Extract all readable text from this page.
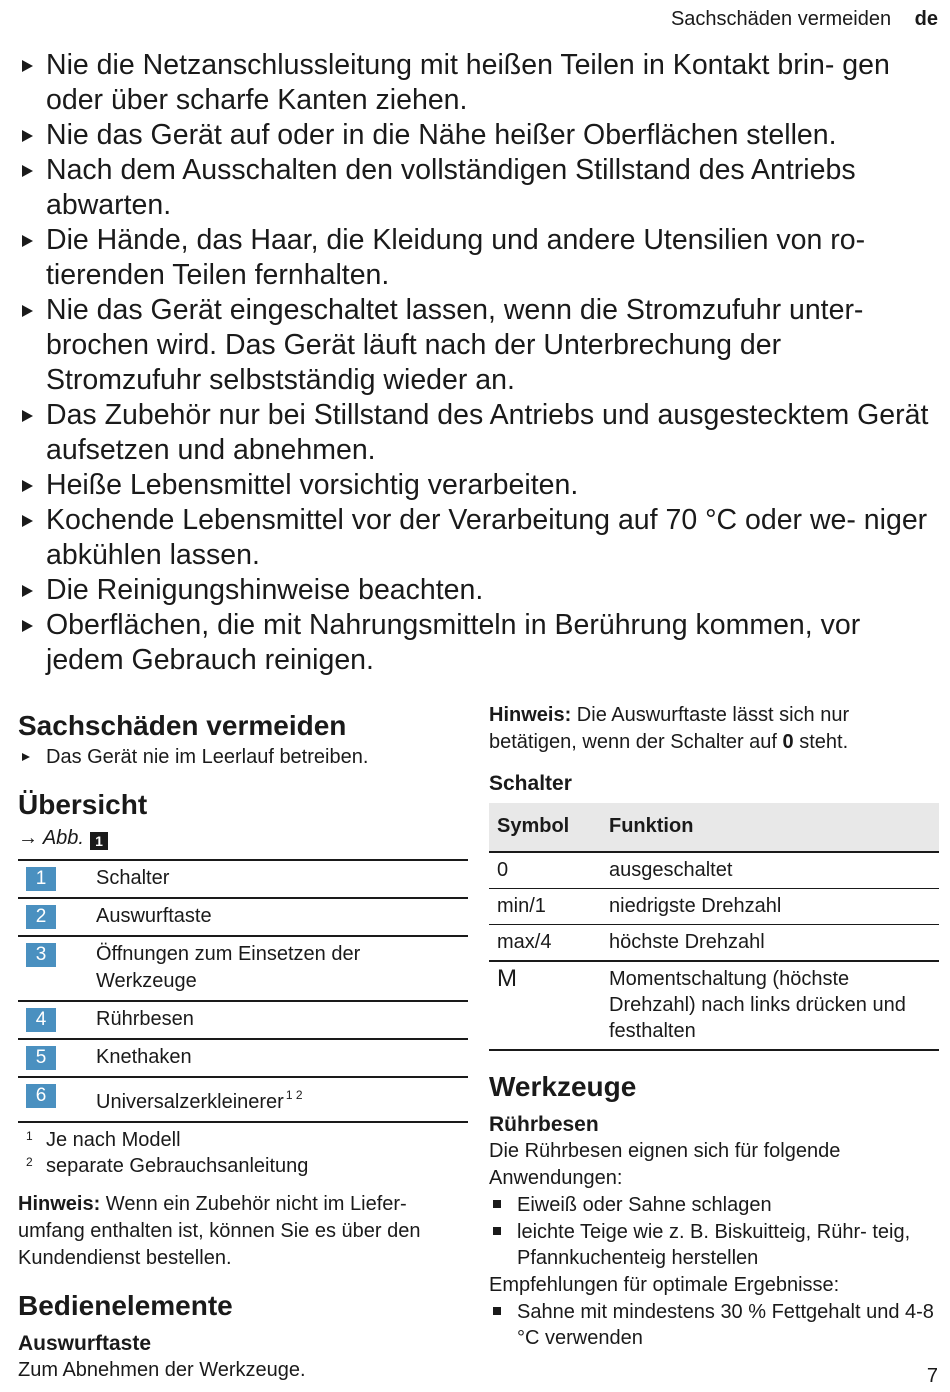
Sachschäden vermeiden de
Nie die Netzanschlussleitung mit heißen Teilen in Kontakt brin- gen oder über scharfe Kanten ziehen.
Nie das Gerät auf oder in die Nähe heißer Oberflächen stellen.
Nach dem Ausschalten den vollständigen Stillstand des Antriebs abwarten.
Die Hände, das Haar, die Kleidung und andere Utensilien von ro- tierenden Teilen fernhalten.
Nie das Gerät eingeschaltet lassen, wenn die Stromzufuhr unter- brochen wird. Das Gerät läuft nach der Unterbrechung der Stromzufuhr selbstständig wieder an.
Das Zubehör nur bei Stillstand des Antriebs und ausgestecktem Gerät aufsetzen und abnehmen.
Heiße Lebensmittel vorsichtig verarbeiten.
Kochende Lebensmittel vor der Verarbeitung auf 70 °C oder we- niger abkühlen lassen.
Die Reinigungshinweise beachten.
Oberflächen, die mit Nahrungsmitteln in Berührung kommen, vor jedem Gebrauch reinigen.
Sachschäden vermeiden
Das Gerät nie im Leerlauf betreiben.
Übersicht
→ Abb. 1
1	Schalter
2	Auswurftaste
3	Öffnungen zum Einsetzen der Werkzeuge
4	Rührbesen
5	Knethaken
6	Universalzerkleinerer $^{1 2}$
1 Je nach Modell
2 separate Gebrauchsanleitung

Hinweis: Wenn ein Zubehör nicht im Liefer- umfang enthalten ist, können Sie es über den Kundendienst bestellen.

Bedienelemente
Auswurftaste

Zum Abnehmen der Werkzeuge.

Hinweis: Die Auswurftaste lässt sich nur betätigen, wenn der Schalter auf 0 steht.

Schalter
Symbol	Funktion
0	ausgeschaltet
min/1	niedrigste Drehzahl
max/4	höchste Drehzahl
M	Momentschaltung (höchste Drehzahl) nach links drücken und festhalten
Werkzeuge
Rührbesen

Die Rührbesen eignen sich für folgende Anwendungen:

Eiweiß oder Sahne schlagen
leichte Teige wie z. B. Biskuitteig, Rühr- teig, Pfannkuchenteig herstellen

Empfehlungen für optimale Ergebnisse:

Sahne mit mindestens 30 % Fettgehalt und 4-8 °C verwenden
7
